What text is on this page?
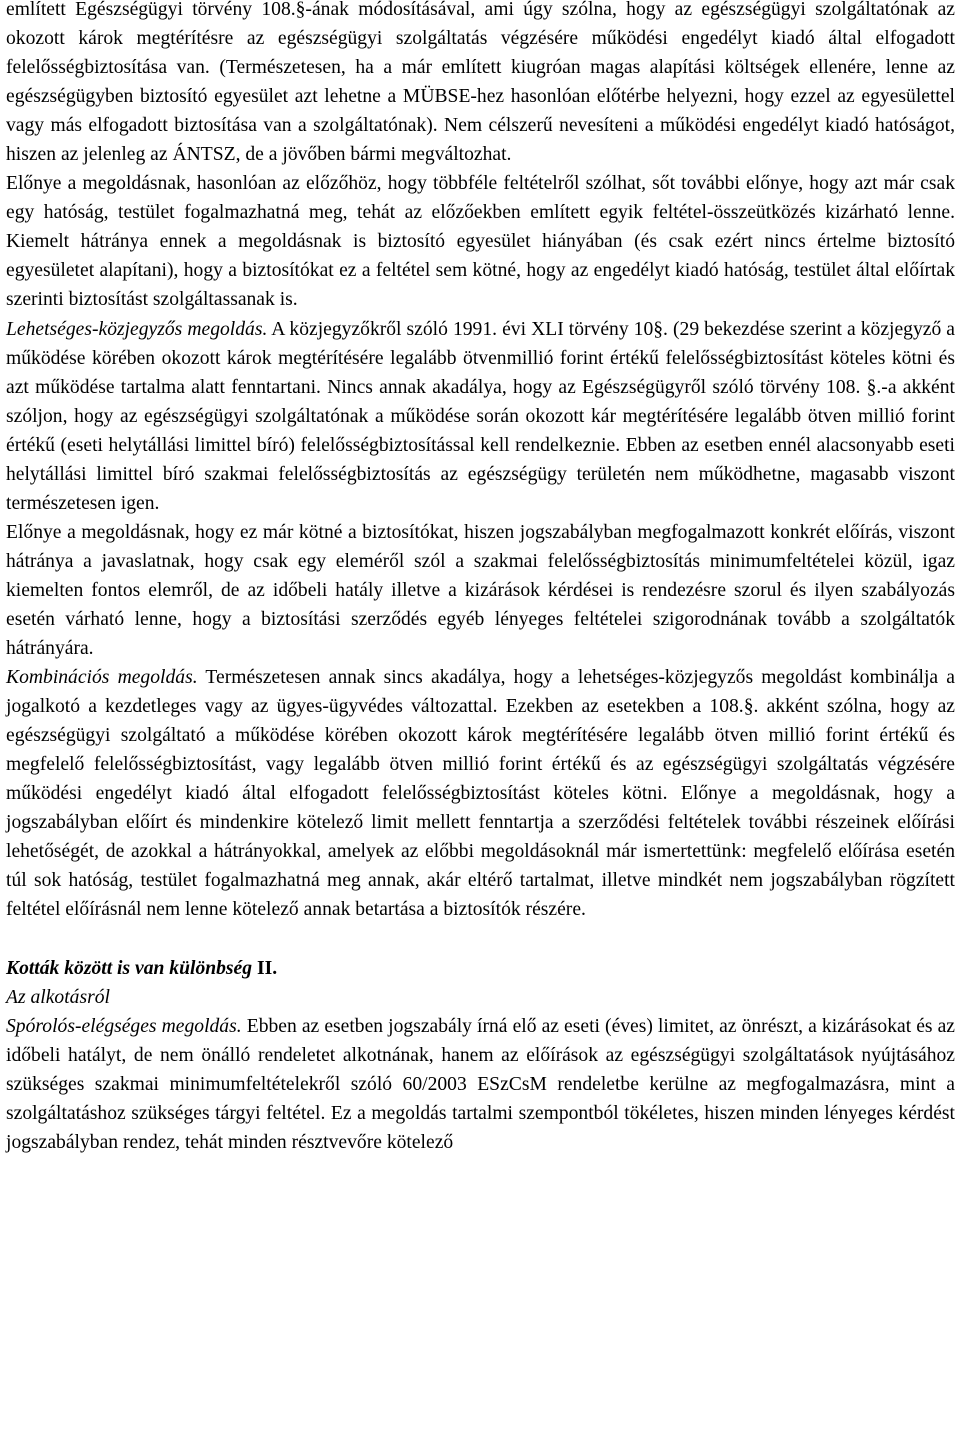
említett Egészségügyi törvény 108.§-ának módosításával, ami úgy szólna, hogy az egészségügyi szolgáltatónak az okozott károk megtérítésre az egészségügyi szolgáltatás végzésére működési engedélyt kiadó által elfogadott felelősségbiztosítása van. (Természetesen, ha a már említett kiugróan magas alapítási költségek ellenére, lenne az egészségügyben biztosító egyesület azt lehetne a MÜBSE-hez hasonlóan előtérbe helyezni, hogy ezzel az egyesülettel vagy más elfogadott biztosítása van a szolgáltatónak). Nem célszerű nevesíteni a működési engedélyt kiadó hatóságot, hiszen az jelenleg az ÁNTSZ, de a jövőben bármi megváltozhat.

Előnye a megoldásnak, hasonlóan az előzőhöz, hogy többféle feltételről szólhat, sőt további előnye, hogy azt már csak egy hatóság, testület fogalmazhatná meg, tehát az előzőekben említett egyik feltétel-összeütközés kizárható lenne. Kiemelt hátránya ennek a megoldásnak is biztosító egyesület hiányában (és csak ezért nincs értelme biztosító egyesületet alapítani), hogy a biztosítókat ez a feltétel sem kötné, hogy az engedélyt kiadó hatóság, testület által előírtak szerinti biztosítást szolgáltassanak is.

Lehetséges-közjegyzős megoldás. A közjegyzőkről szóló 1991. évi XLI törvény 10§. (29 bekezdése szerint a közjegyző a működése körében okozott károk megtérítésére legalább ötvenmillió forint értékű felelősségbiztosítást köteles kötni és azt működése tartalma alatt fenntartani. Nincs annak akadálya, hogy az Egészségügyről szóló törvény 108. §.-a akként szóljon, hogy az egészségügyi szolgáltatónak a működése során okozott kár megtérítésére legalább ötven millió forint értékű (eseti helytállási limittel bíró) felelősségbiztosítással kell rendelkeznie. Ebben az esetben ennél alacsonyabb eseti helytállási limittel bíró szakmai felelősségbiztosítás az egészségügy területén nem működhetne, magasabb viszont természetesen igen.

Előnye a megoldásnak, hogy ez már kötné a biztosítókat, hiszen jogszabályban megfogalmazott konkrét előírás, viszont hátránya a javaslatnak, hogy csak egy eleméről szól a szakmai felelősségbiztosítás minimumfeltételei közül, igaz kiemelten fontos elemről, de az időbeli hatály illetve a kizárások kérdései is rendezésre szorul és ilyen szabályozás esetén várható lenne, hogy a biztosítási szerződés egyéb lényeges feltételei szigorodnának tovább a szolgáltatók hátrányára.

Kombinációs megoldás. Természetesen annak sincs akadálya, hogy a lehetséges-közjegyzős megoldást kombinálja a jogalkotó a kezdetleges vagy az ügyes-ügyvédes változattal. Ezekben az esetekben a 108.§. akként szólna, hogy az egészségügyi szolgáltató a működése körében okozott károk megtérítésére legalább ötven millió forint értékű és megfelelő felelősségbiztosítást, vagy legalább ötven millió forint értékű és az egészségügyi szolgáltatás végzésére működési engedélyt kiadó által elfogadott felelősségbiztosítást köteles kötni. Előnye a megoldásnak, hogy a jogszabályban előírt és mindenkire kötelező limit mellett fenntartja a szerződési feltételek további részeinek előírási lehetőségét, de azokkal a hátrányokkal, amelyek az előbbi megoldásoknál már ismertettünk: megfelelő előírása esetén túl sok hatóság, testület fogalmazhatná meg annak, akár eltérő tartalmat, illetve mindkét nem jogszabályban rögzített feltétel előírásnál nem lenne kötelező annak betartása a biztosítók részére.

Kották között is van különbség II.

Az alkotásról

Spórolós-elégséges megoldás. Ebben az esetben jogszabály írná elő az eseti (éves) limitet, az önrészt, a kizárásokat és az időbeli hatályt, de nem önálló rendeletet alkotnának, hanem az előírások az egészségügyi szolgáltatások nyújtásához szükséges szakmai minimumfeltételekről szóló 60/2003 ESzCsM rendeletbe kerülne az megfogalmazásra, mint a szolgáltatáshoz szükséges tárgyi feltétel. Ez a megoldás tartalmi szempontból tökéletes, hiszen minden lényeges kérdést jogszabályban rendez, tehát minden résztvevőre kötelező
